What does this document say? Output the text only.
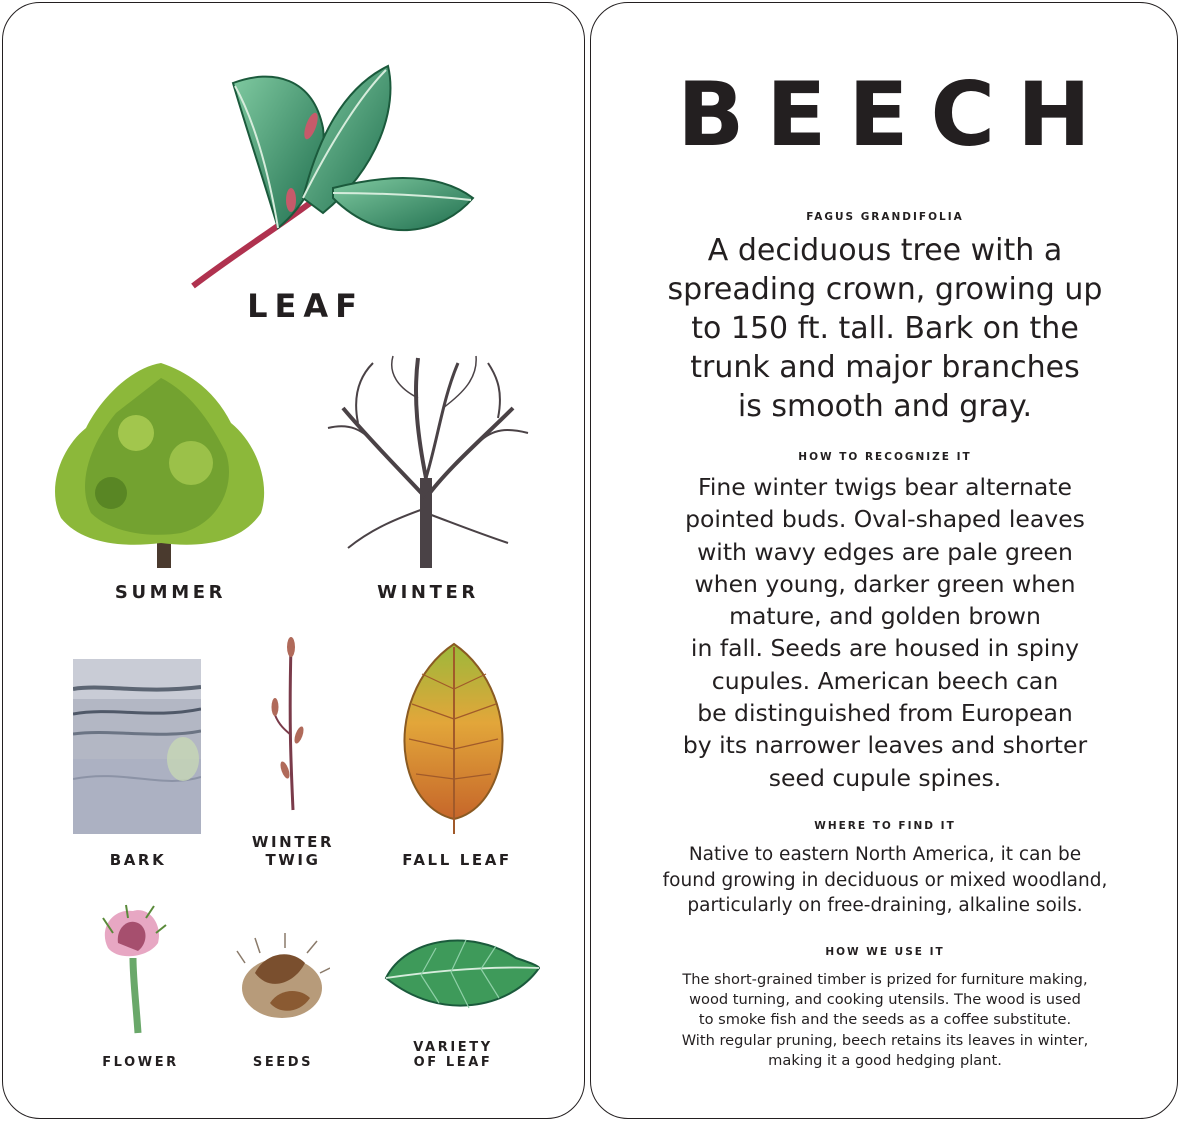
LEAF
SUMMER	WINTER
BARK
WINTER
TWIG	FALL LEAF
FLOWER	SEEDS
VARIETY
OF LEAF
BEECH
FAGUS GRANDIFOLIA
A deciduous tree with a
spreading crown, growing up
to 150 ft. tall. Bark on the
trunk and major branches
is smooth and gray.
HOW TO RECOGNIZE IT
Fine winter twigs bear alternate
pointed buds. Oval-shaped leaves
with wavy edges are pale green
when young, darker green when
mature, and golden brown
in fall. Seeds are housed in spiny
cupules. American beech can
be distinguished from European
by its narrower leaves and shorter
seed cupule spines.
WHERE TO FIND IT
Native to eastern North America, it can be
found growing in deciduous or mixed woodland,
particularly on free-draining, alkaline soils.
HOW WE USE IT
The short-grained timber is prized for furniture making,
wood turning, and cooking utensils. The wood is used
to smoke fish and the seeds as a coffee substitute.
With regular pruning, beech retains its leaves in winter,
making it a good hedging plant.
